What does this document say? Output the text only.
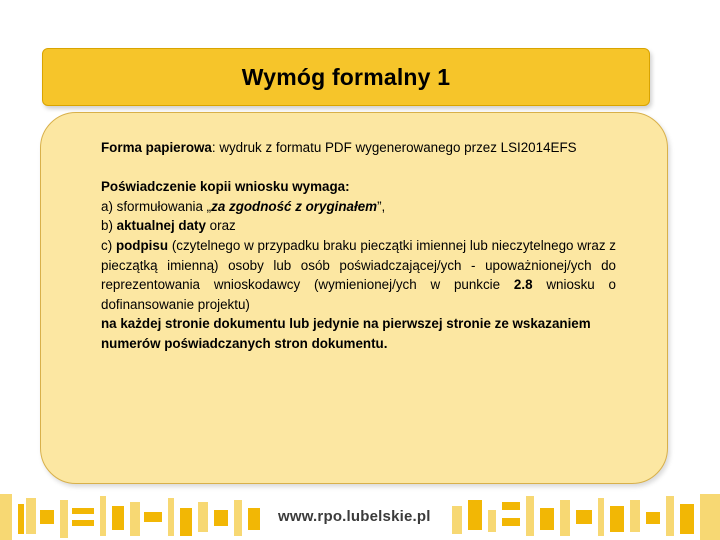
Wymóg formalny 1

Forma papierowa: wydruk z formatu PDF wygenerowanego przez LSI2014EFS

Poświadczenie kopii wniosku wymaga:

a) sformułowania „za zgodność z oryginałem”,

b) aktualnej daty oraz

c) podpisu (czytelnego w przypadku braku pieczątki imiennej lub nieczytelnego wraz z pieczątką imienną) osoby lub osób poświadczającej/ych - upoważnionej/ych do reprezentowania wnioskodawcy (wymienionej/ych w punkcie 2.8 wniosku o dofinansowanie projektu)

na każdej stronie dokumentu lub jedynie na pierwszej stronie ze wskazaniem numerów poświadczanych stron dokumentu.

www.rpo.lubelskie.pl
